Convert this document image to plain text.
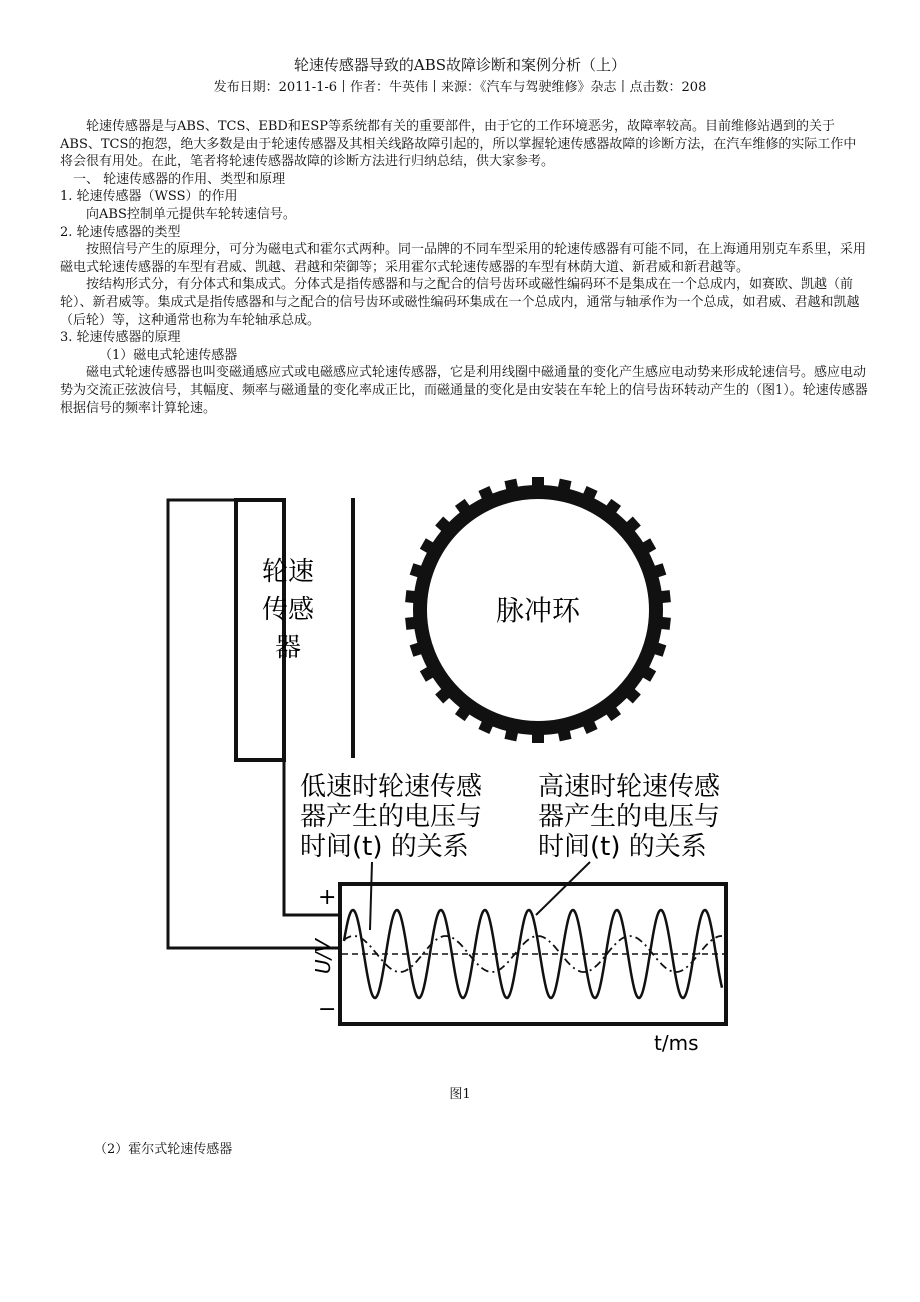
轮速传感器导致的ABS故障诊断和案例分析（上）
发布日期：2011-1-6丨作者：牛英伟丨来源：《汽车与驾驶维修》杂志丨点击数：208

轮速传感器是与ABS、TCS、EBD和ESP等系统都有关的重要部件，由于它的工作环境恶劣，故障率较高。目前维修站遇到的关于ABS、TCS的抱怨，绝大多数是由于轮速传感器及其相关线路故障引起的，所以掌握轮速传感器故障的诊断方法，在汽车维修的实际工作中将会很有用处。在此，笔者将轮速传感器故障的诊断方法进行归纳总结，供大家参考。

一、 轮速传感器的作用、类型和原理

1. 轮速传感器（WSS）的作用

向ABS控制单元提供车轮转速信号。

2. 轮速传感器的类型

按照信号产生的原理分，可分为磁电式和霍尔式两种。同一品牌的不同车型采用的轮速传感器有可能不同，在上海通用别克车系里，采用磁电式轮速传感器的车型有君威、凯越、君越和荣御等；采用霍尔式轮速传感器的车型有林荫大道、新君威和新君越等。

按结构形式分，有分体式和集成式。分体式是指传感器和与之配合的信号齿环或磁性编码环不是集成在一个总成内，如赛欧、凯越（前轮）、新君威等。集成式是指传感器和与之配合的信号齿环或磁性编码环集成在一个总成内，通常与轴承作为一个总成，如君威、君越和凯越（后轮）等，这种通常也称为车轮轴承总成。

3. 轮速传感器的原理

（1）磁电式轮速传感器

磁电式轮速传感器也叫变磁通感应式或电磁感应式轮速传感器，它是利用线圈中磁通量的变化产生感应电动势来形成轮速信号。感应电动势为交流正弦波信号，其幅度、频率与磁通量的变化率成正比，而磁通量的变化是由安装在车轮上的信号齿环转动产生的（图1）。轮速传感器根据信号的频率计算轮速。

轮速
传感
器
脉冲环
低速时轮速传感
器产生的电压与
时间(t) 的关系
高速时轮速传感
器产生的电压与
时间(t) 的关系
+
−
U/V
t/ms
图1
（2）霍尔式轮速传感器
